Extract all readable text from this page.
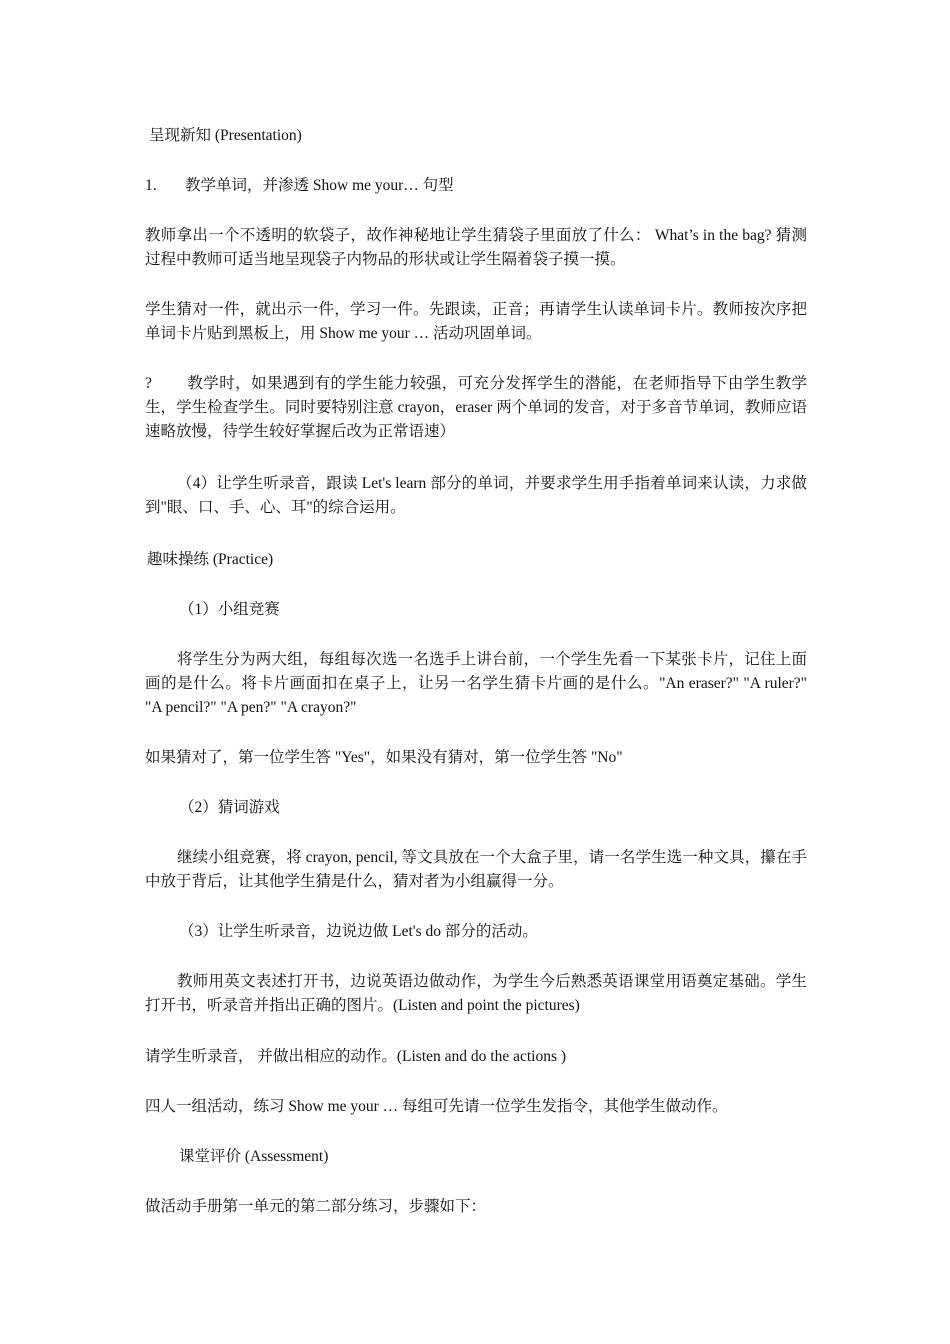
呈现新知 (Presentation)

1. 教学单词，并渗透 Show me your… 句型

教师拿出一个不透明的软袋子，故作神秘地让学生猜袋子里面放了什么： What’s in the bag? 猜测过程中教师可适当地呈现袋子内物品的形状或让学生隔着袋子摸一摸。

学生猜对一件，就出示一件，学习一件。先跟读，正音；再请学生认读单词卡片。教师按次序把单词卡片贴到黑板上，用 Show me your … 活动巩固单词。

? 教学时，如果遇到有的学生能力较强，可充分发挥学生的潜能，在老师指导下由学生教学生，学生检查学生。同时要特别注意 crayon，eraser 两个单词的发音，对于多音节单词，教师应语速略放慢，待学生较好掌握后改为正常语速）

（4）让学生听录音，跟读 Let's learn 部分的单词，并要求学生用手指着单词来认读，力求做到"眼、口、手、心、耳"的综合运用。

趣味操练 (Practice)

（1）小组竞赛

将学生分为两大组，每组每次选一名选手上讲台前，一个学生先看一下某张卡片，记住上面画的是什么。将卡片画面扣在桌子上，让另一名学生猜卡片画的是什么。"An eraser?" "A ruler?" "A pencil?" "A pen?" "A crayon?"

如果猜对了，第一位学生答 "Yes"，如果没有猜对，第一位学生答 "No"

（2）猜词游戏

继续小组竞赛，将 crayon, pencil, 等文具放在一个大盒子里，请一名学生选一种文具，攥在手中放于背后，让其他学生猜是什么，猜对者为小组赢得一分。

（3）让学生听录音，边说边做 Let's do 部分的活动。

教师用英文表述打开书，边说英语边做动作，为学生今后熟悉英语课堂用语奠定基础。学生打开书，听录音并指出正确的图片。(Listen and point the pictures)

请学生听录音， 并做出相应的动作。(Listen and do the actions )

四人一组活动，练习 Show me your … 每组可先请一位学生发指令，其他学生做动作。

课堂评价 (Assessment)

做活动手册第一单元的第二部分练习，步骤如下：
